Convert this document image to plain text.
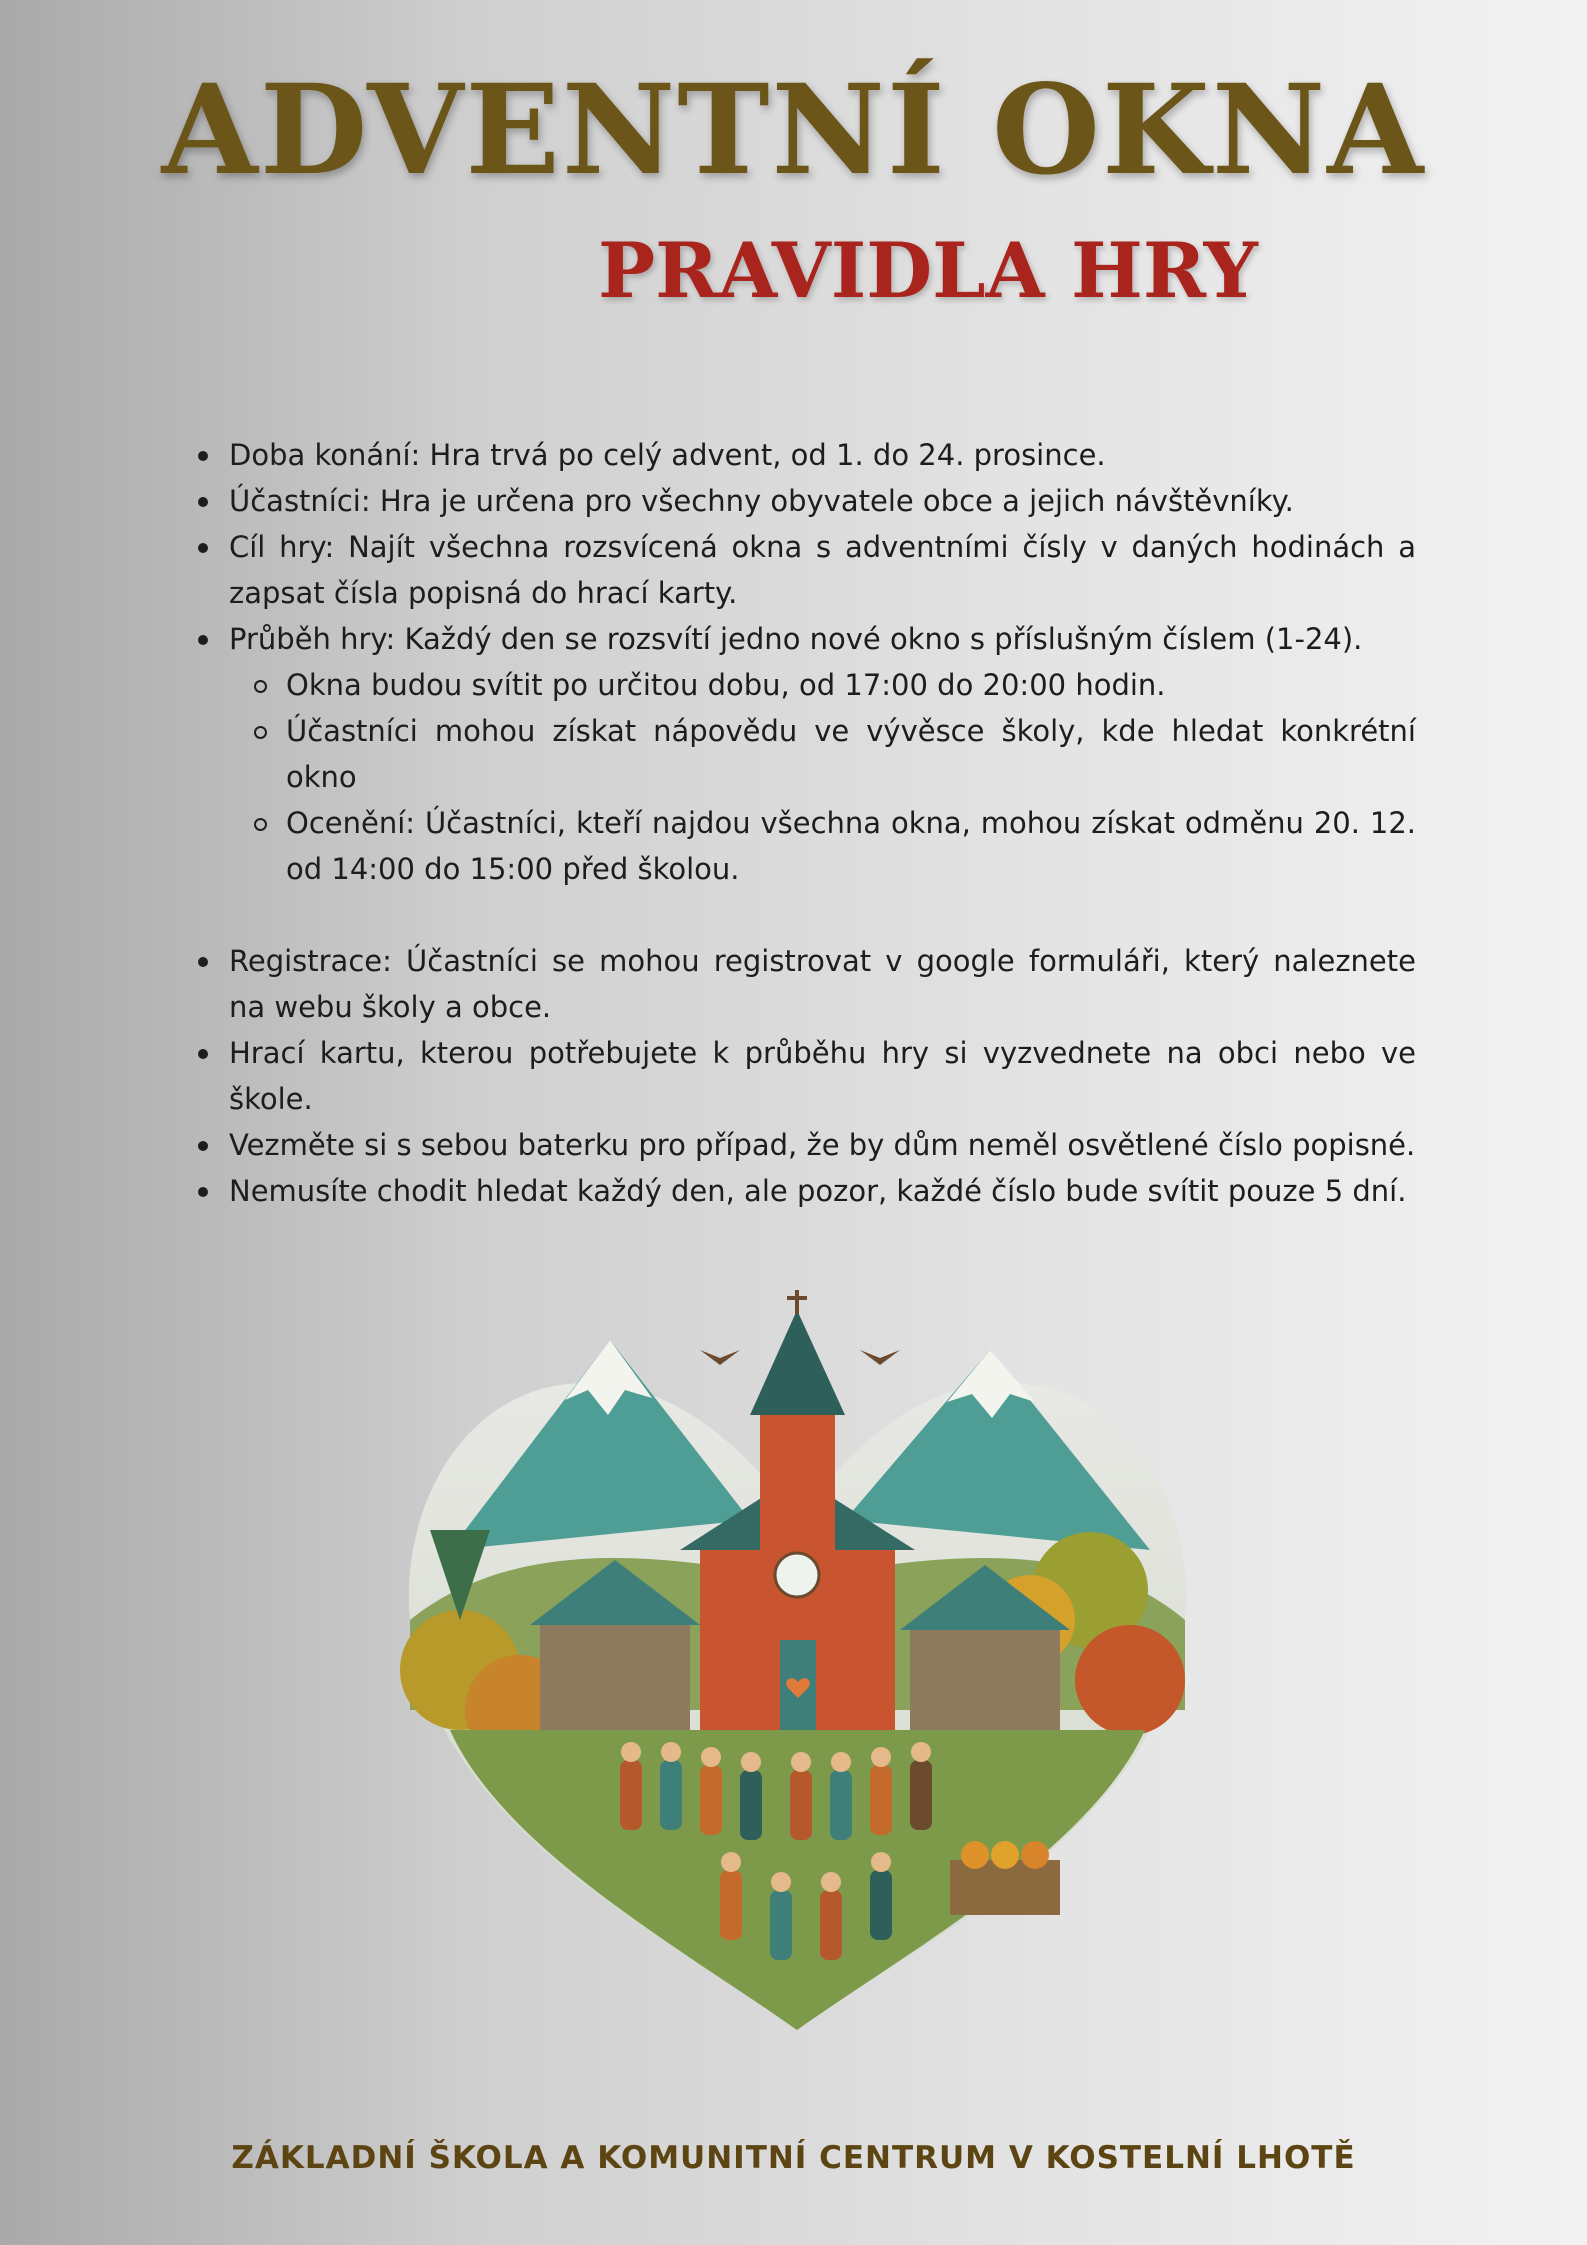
ADVENTNÍ OKNA
PRAVIDLA HRY
Doba konání: Hra trvá po celý advent, od 1. do 24. prosince.
Účastníci: Hra je určena pro všechny obyvatele obce a jejich návštěvníky.
Cíl hry: Najít všechna rozsvícená okna s adventními čísly v daných hodinách a zapsat čísla popisná do hrací karty.
Průběh hry: Každý den se rozsvítí jedno nové okno s příslušným číslem (1-24).
Okna budou svítit po určitou dobu, od 17:00 do 20:00 hodin.
Účastníci mohou získat nápovědu ve vývěsce školy, kde hledat konkrétní okno
Ocenění: Účastníci, kteří najdou všechna okna, mohou získat odměnu 20. 12. od 14:00 do 15:00 před školou.
Registrace: Účastníci se mohou registrovat v google formuláři, který naleznete na webu školy a obce.
Hrací kartu, kterou potřebujete k průběhu hry si vyzvednete na obci nebo ve škole.
Vezměte si s sebou baterku pro případ, že by dům neměl osvětlené číslo popisné.
Nemusíte chodit hledat každý den, ale pozor, každé číslo bude svítit pouze 5 dní.
ZÁKLADNÍ ŠKOLA A KOMUNITNÍ CENTRUM V KOSTELNÍ LHOTĚ
